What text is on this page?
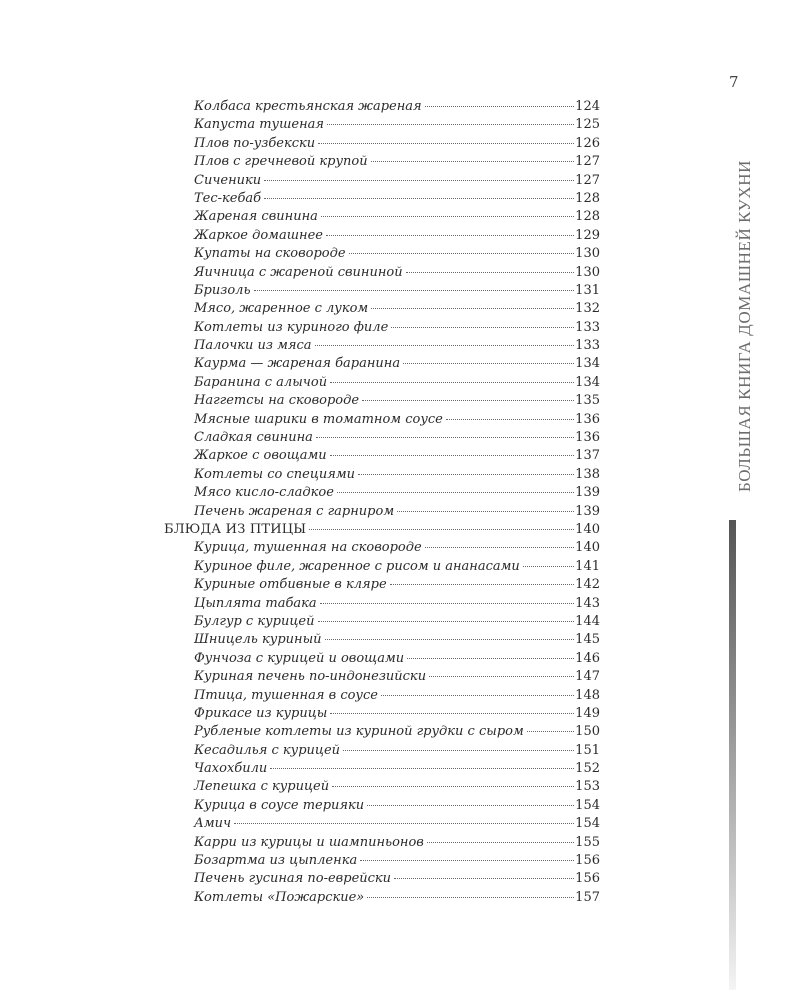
7
БОЛЬШАЯ КНИГА ДОМАШНЕЙ КУХНИ
Колбаса крестьянская жареная	124
Капуста тушеная	125
Плов по-узбекски	126
Плов с гречневой крупой	127
Сиченики	127
Тес-кебаб	128
Жареная свинина	128
Жаркое домашнее	129
Купаты на сковороде	130
Яичница с жареной свининой	130
Бризоль	131
Мясо, жаренное с луком	132
Котлеты из куриного филе	133
Палочки из мяса	133
Каурма — жареная баранина	134
Баранина с алычой	134
Наггетсы на сковороде	135
Мясные шарики в томатном соусе	136
Сладкая свинина	136
Жаркое с овощами	137
Котлеты со специями	138
Мясо кисло-сладкое	139
Печень жареная с гарниром	139
БЛЮДА ИЗ ПТИЦЫ	140
Курица, тушенная на сковороде	140
Куриное филе, жаренное с рисом и ананасами	141
Куриные отбивные в кляре	142
Цыплята табака	143
Булгур с курицей	144
Шницель куриный	145
Фунчоза с курицей и овощами	146
Куриная печень по-индонезийски	147
Птица, тушенная в соусе	148
Фрикасе из курицы	149
Рубленые котлеты из куриной грудки с сыром	150
Кесадилья с курицей	151
Чахохбили	152
Лепешка с курицей	153
Курица в соусе терияки	154
Амич	154
Карри из курицы и шампиньонов	155
Бозартма из цыпленка	156
Печень гусиная по-еврейски	156
Котлеты «Пожарские»	157
